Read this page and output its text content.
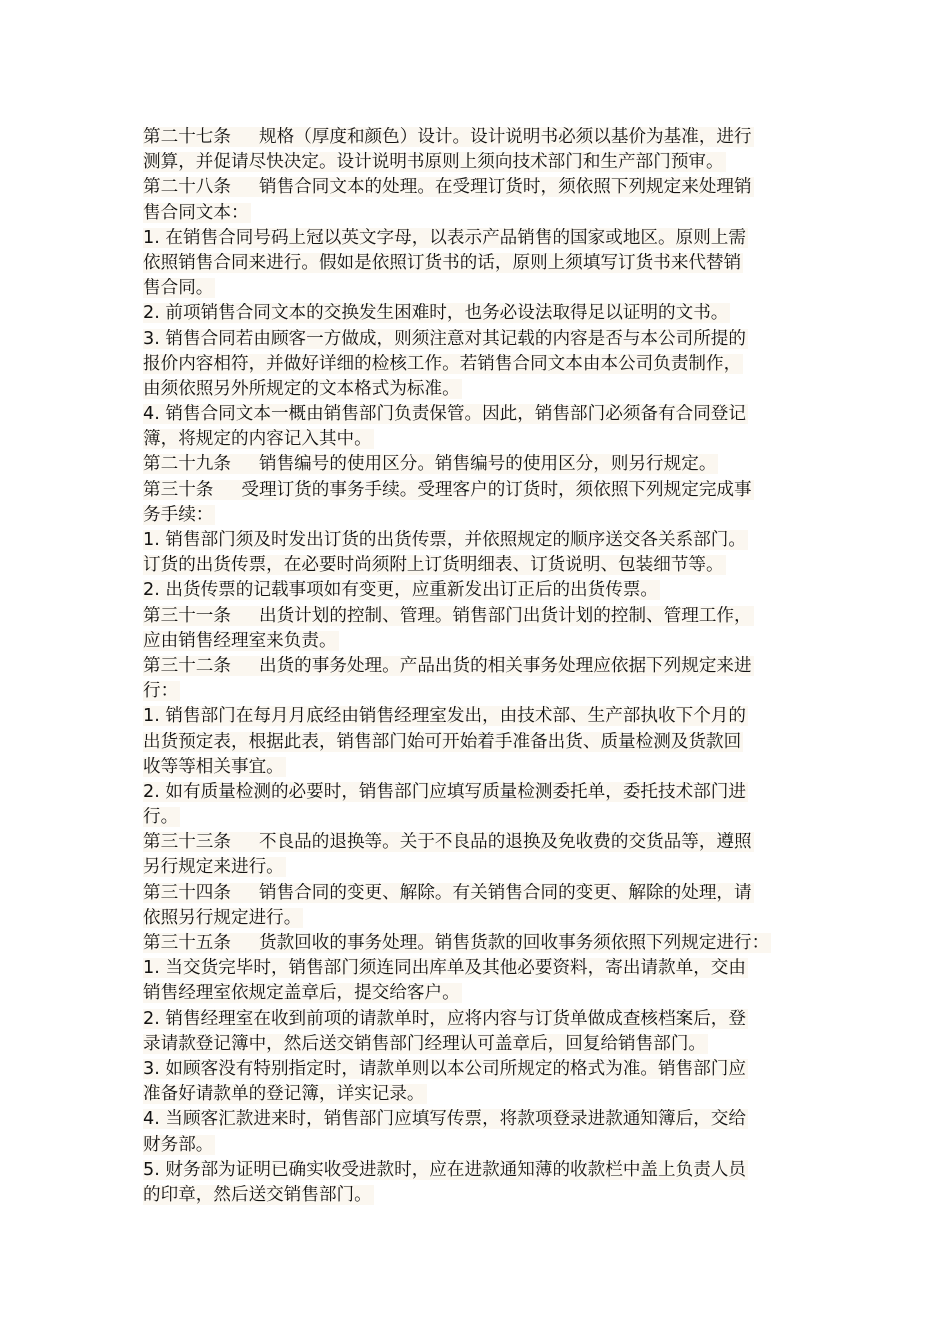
第二十七条 规格（厚度和颜色）设计。设计说明书必须以基价为基准，进行
测算，并促请尽快决定。设计说明书原则上须向技术部门和生产部门预审。
第二十八条 销售合同文本的处理。在受理订货时，须依照下列规定来处理销
售合同文本：
1. 在销售合同号码上冠以英文字母，以表示产品销售的国家或地区。原则上需
依照销售合同来进行。假如是依照订货书的话，原则上须填写订货书来代替销
售合同。
2. 前项销售合同文本的交换发生困难时，也务必设法取得足以证明的文书。
3. 销售合同若由顾客一方做成，则须注意对其记载的内容是否与本公司所提的
报价内容相符，并做好详细的检核工作。若销售合同文本由本公司负责制作，
由须依照另外所规定的文本格式为标准。
4. 销售合同文本一概由销售部门负责保管。因此，销售部门必须备有合同登记
簿，将规定的内容记入其中。
第二十九条 销售编号的使用区分。销售编号的使用区分，则另行规定。
第三十条 受理订货的事务手续。受理客户的订货时，须依照下列规定完成事
务手续：
1. 销售部门须及时发出订货的出货传票，并依照规定的顺序送交各关系部门。
订货的出货传票，在必要时尚须附上订货明细表、订货说明、包装细节等。
2. 出货传票的记载事项如有变更，应重新发出订正后的出货传票。
第三十一条 出货计划的控制、管理。销售部门出货计划的控制、管理工作，
应由销售经理室来负责。
第三十二条 出货的事务处理。产品出货的相关事务处理应依据下列规定来进
行：
1. 销售部门在每月月底经由销售经理室发出，由技术部、生产部执收下个月的
出货预定表，根据此表，销售部门始可开始着手准备出货、质量检测及货款回
收等等相关事宜。
2. 如有质量检测的必要时，销售部门应填写质量检测委托单，委托技术部门进
行。
第三十三条 不良品的退换等。关于不良品的退换及免收费的交货品等，遵照
另行规定来进行。
第三十四条 销售合同的变更、解除。有关销售合同的变更、解除的处理，请
依照另行规定进行。
第三十五条 货款回收的事务处理。销售货款的回收事务须依照下列规定进行：
1. 当交货完毕时，销售部门须连同出库单及其他必要资料，寄出请款单，交由
销售经理室依规定盖章后，提交给客户。
2. 销售经理室在收到前项的请款单时，应将内容与订货单做成查核档案后，登
录请款登记簿中，然后送交销售部门经理认可盖章后，回复给销售部门。
3. 如顾客没有特别指定时，请款单则以本公司所规定的格式为准。销售部门应
准备好请款单的登记簿，详实记录。
4. 当顾客汇款进来时，销售部门应填写传票，将款项登录进款通知簿后，交给
财务部。
5. 财务部为证明已确实收受进款时，应在进款通知薄的收款栏中盖上负责人员
的印章，然后送交销售部门。
